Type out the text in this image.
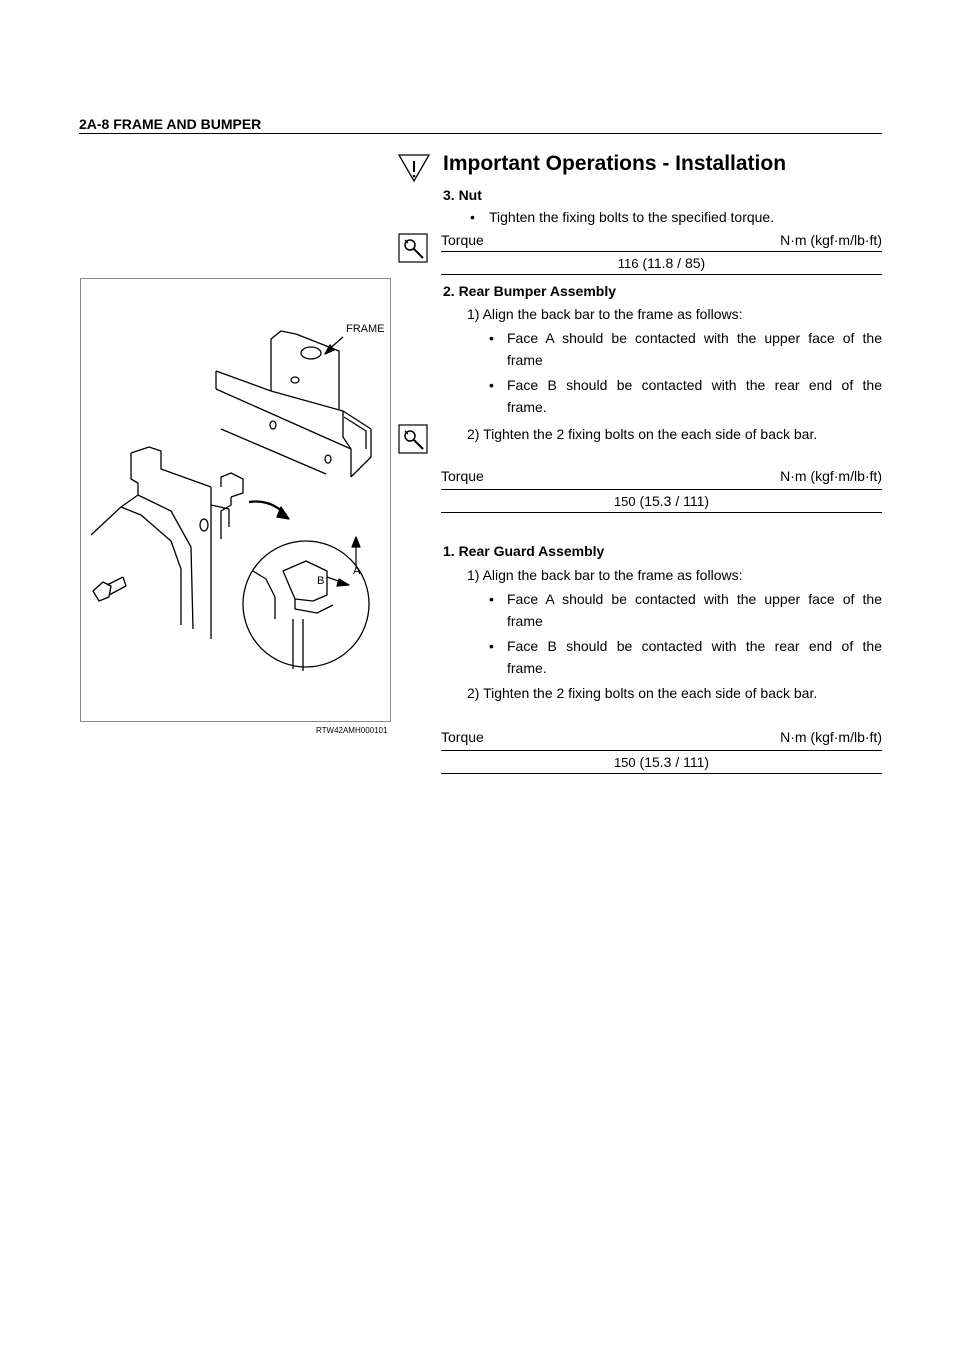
2A-8 FRAME AND BUMPER
Important Operations - Installation
3. Nut
• Tighten the fixing bolts to the specified torque.
Torque	N·m (kgf·m/lb·ft)
116 (11.8 / 85)
2. Rear Bumper Assembly
1) Align the back bar to the frame as follows:
• Face A should be contacted with the upper face of the
frame
• Face B should be contacted with the rear end of the
frame.
2) Tighten the 2 fixing bolts on the each side of back bar.
Torque	N·m (kgf·m/lb·ft)
150 (15.3 / 111)
1. Rear Guard Assembly
1) Align the back bar to the frame as follows:
• Face A should be contacted with the upper face of the
frame
• Face B should be contacted with the rear end of the
frame.
2) Tighten the 2 fixing bolts on the each side of back bar.
Torque	N·m (kgf·m/lb·ft)
150 (15.3 / 111)
FRAME
A
B
RTW42AMH000101
